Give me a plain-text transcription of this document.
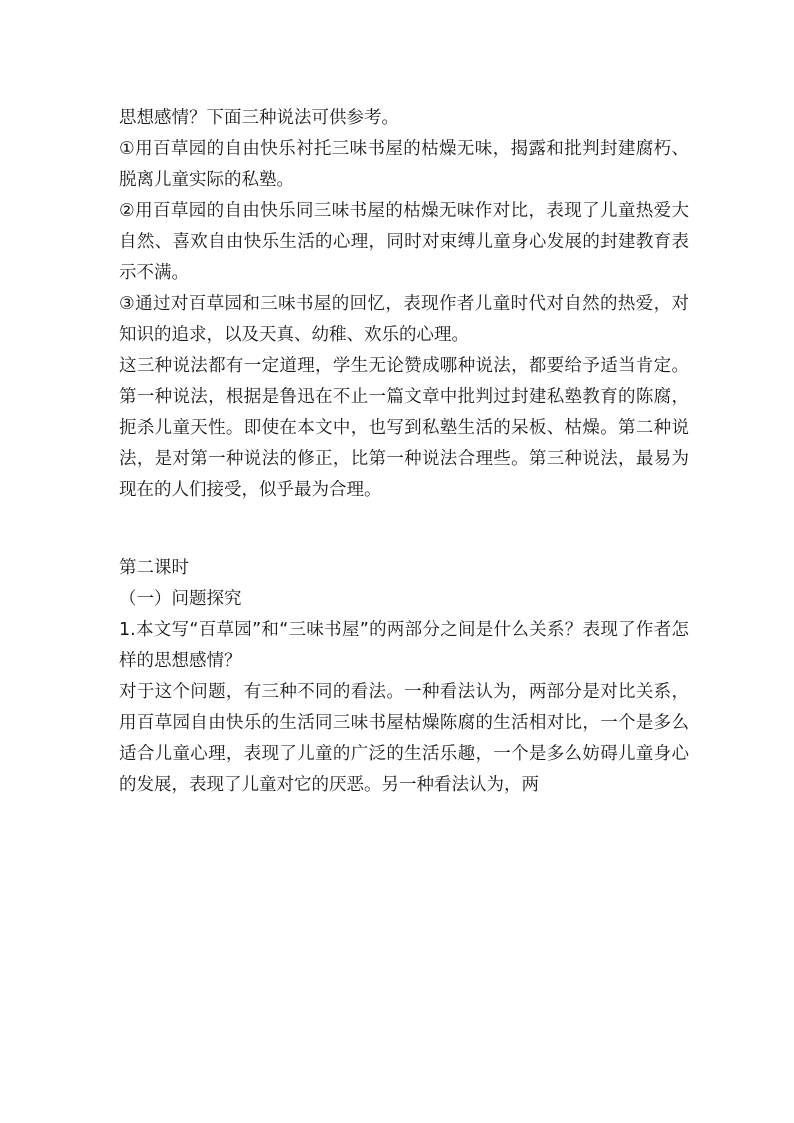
思想感情？下面三种说法可供参考。

①用百草园的自由快乐衬托三味书屋的枯燥无味，揭露和批判封建腐朽、脱离儿童实际的私塾。

②用百草园的自由快乐同三味书屋的枯燥无味作对比，表现了儿童热爱大自然、喜欢自由快乐生活的心理，同时对束缚儿童身心发展的封建教育表示不满。

③通过对百草园和三味书屋的回忆，表现作者儿童时代对自然的热爱，对知识的追求，以及天真、幼稚、欢乐的心理。

这三种说法都有一定道理，学生无论赞成哪种说法，都要给予适当肯定。第一种说法，根据是鲁迅在不止一篇文章中批判过封建私塾教育的陈腐，扼杀儿童天性。即使在本文中，也写到私塾生活的呆板、枯燥。第二种说法，是对第一种说法的修正，比第一种说法合理些。第三种说法，最易为现在的人们接受，似乎最为合理。

第二课时

（一）问题探究

1.本文写“百草园”和“三味书屋”的两部分之间是什么关系？表现了作者怎样的思想感情？

对于这个问题，有三种不同的看法。一种看法认为，两部分是对比关系，用百草园自由快乐的生活同三味书屋枯燥陈腐的生活相对比，一个是多么适合儿童心理，表现了儿童的广泛的生活乐趣，一个是多么妨碍儿童身心的发展，表现了儿童对它的厌恶。另一种看法认为，两
